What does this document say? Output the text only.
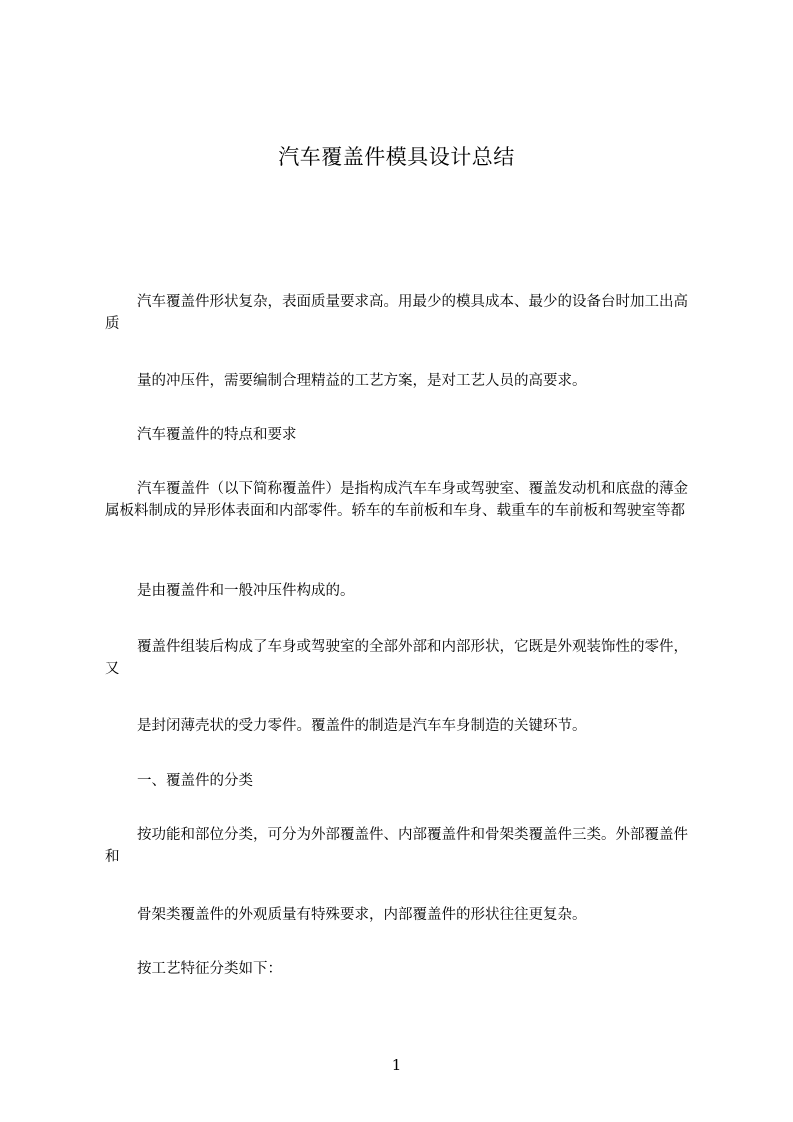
汽车覆盖件模具设计总结

汽车覆盖件形状复杂，表面质量要求高。用最少的模具成本、最少的设备台时加工出高质

量的冲压件，需要编制合理精益的工艺方案，是对工艺人员的高要求。

汽车覆盖件的特点和要求

汽车覆盖件（以下简称覆盖件）是指构成汽车车身或驾驶室、覆盖发动机和底盘的薄金属板料制成的异形体表面和内部零件。轿车的车前板和车身、载重车的车前板和驾驶室等都

是由覆盖件和一般冲压件构成的。

覆盖件组装后构成了车身或驾驶室的全部外部和内部形状，它既是外观装饰性的零件，又

是封闭薄壳状的受力零件。覆盖件的制造是汽车车身制造的关键环节。

一、覆盖件的分类

按功能和部位分类，可分为外部覆盖件、内部覆盖件和骨架类覆盖件三类。外部覆盖件和

骨架类覆盖件的外观质量有特殊要求，内部覆盖件的形状往往更复杂。

按工艺特征分类如下：

1
